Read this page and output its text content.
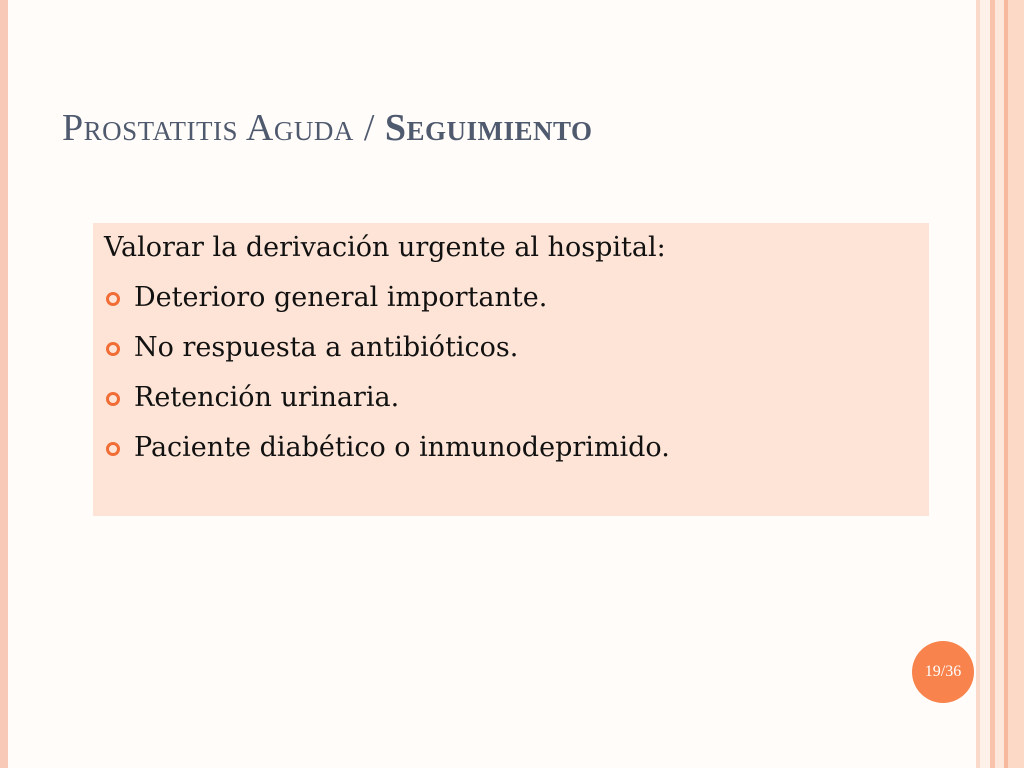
Prostatitis Aguda / Seguimiento
Valorar la derivación urgente al hospital:
Deterioro general importante.
No respuesta a antibióticos.
Retención urinaria.
Paciente diabético o inmunodeprimido.
19/36
